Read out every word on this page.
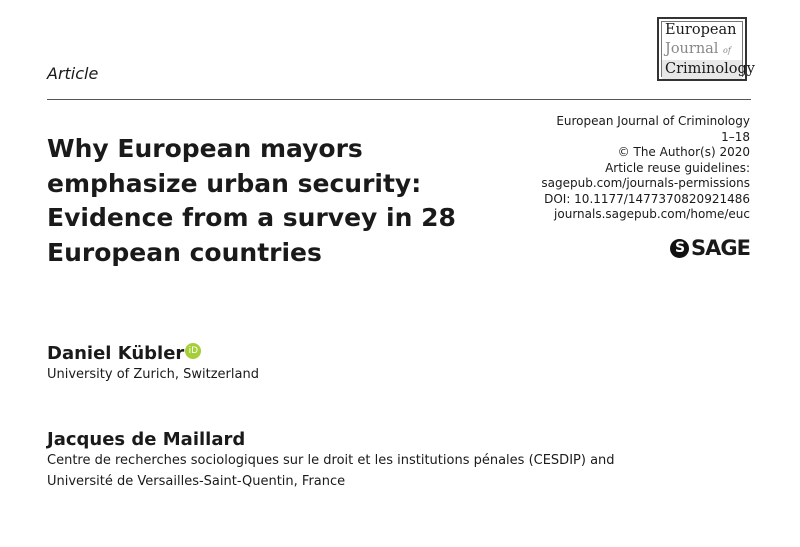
European
Journal of
Criminology
Article
Why European mayors emphasize urban security: Evidence from a survey in 28 European countries
European Journal of Criminology
1–18
© The Author(s) 2020
Article reuse guidelines:
sagepub.com/journals-permissions
DOI: 10.1177/1477370820921486
journals.sagepub.com/home/euc
S SAGE
Daniel Kübler iD
University of Zurich, Switzerland
Jacques de Maillard
Centre de recherches sociologiques sur le droit et les institutions pénales (CESDIP) and
Université de Versailles-Saint-Quentin, France
